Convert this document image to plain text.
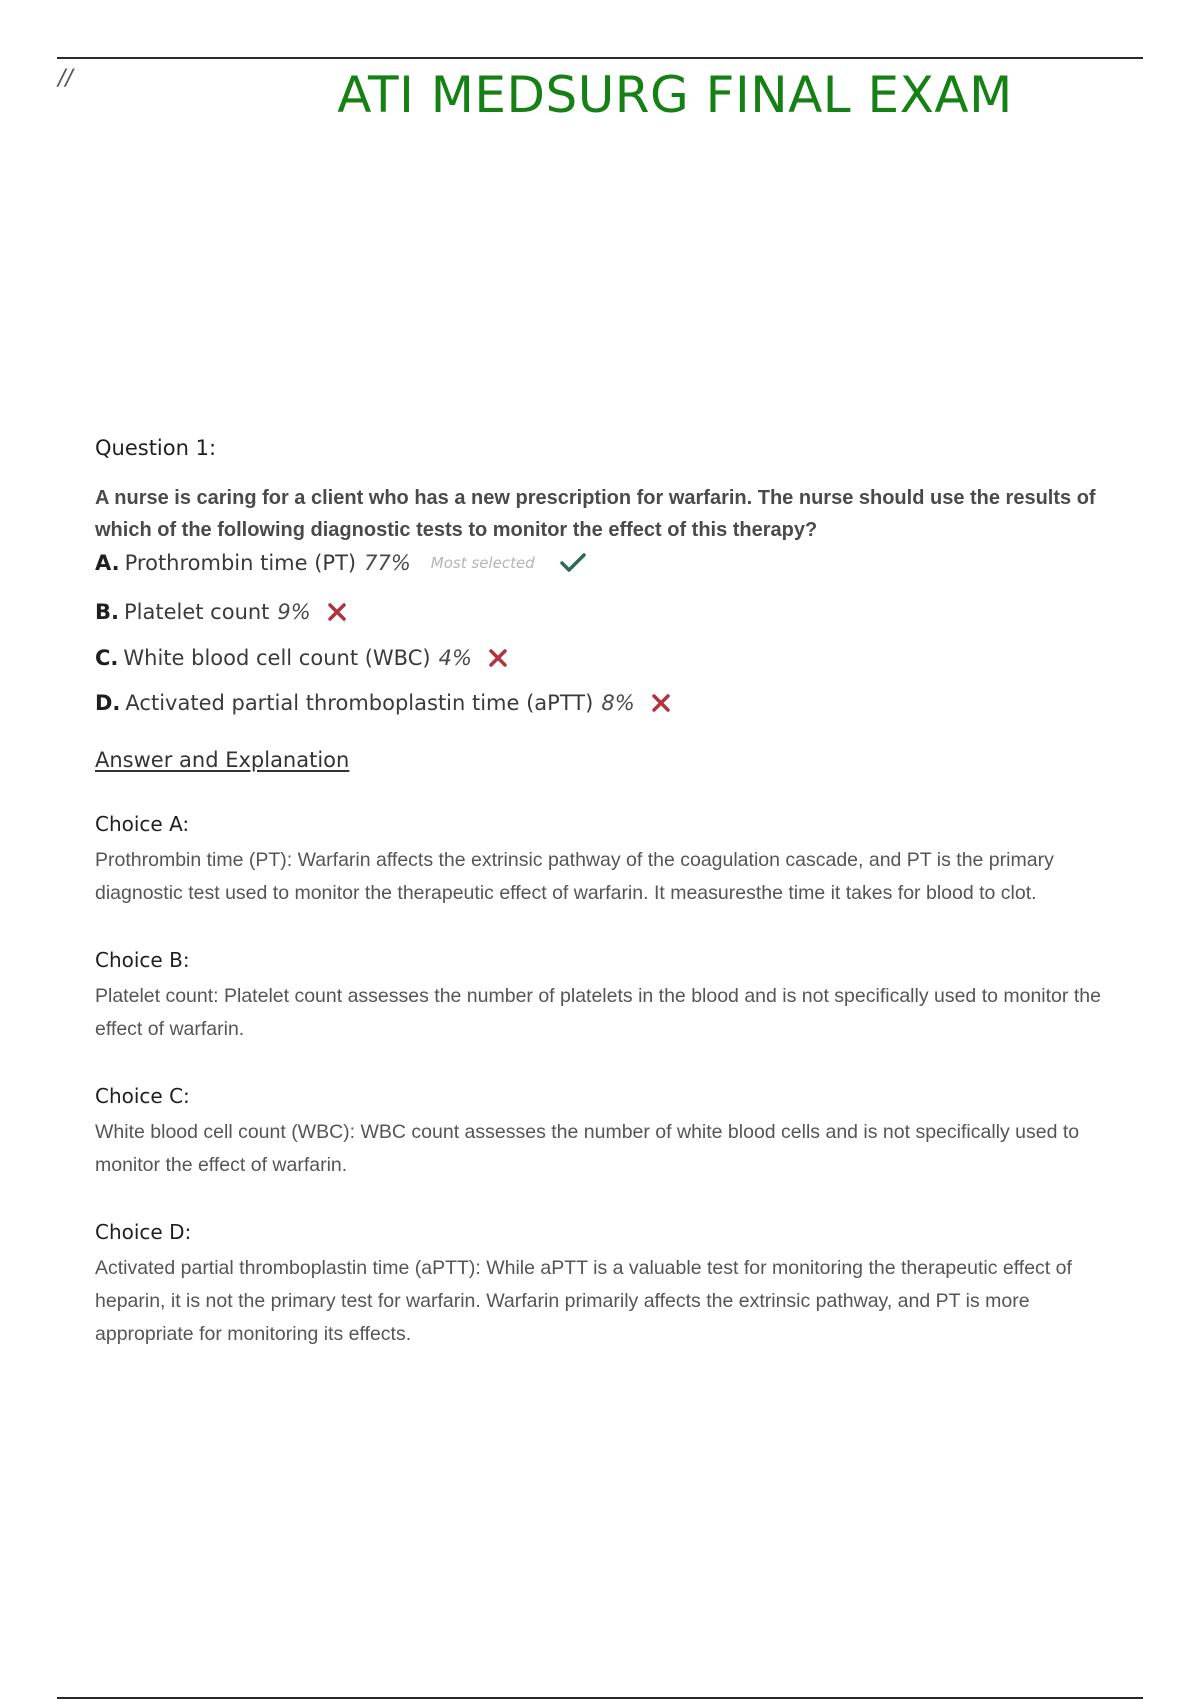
//	ATI MEDSURG FINAL EXAM

Question 1:

A nurse is caring for a client who has a new prescription for warfarin. The nurse should use the results of which of the following diagnostic tests to monitor the effect of this therapy?

A. Prothrombin time (PT) 77% Most selected
B. Platelet count 9%
C. White blood cell count (WBC) 4%
D. Activated partial thromboplastin time (aPTT) 8%
Answer and Explanation

Choice A:

Prothrombin time (PT): Warfarin affects the extrinsic pathway of the coagulation cascade, and PT is the primary diagnostic test used to monitor the therapeutic effect of warfarin. It measuresthe time it takes for blood to clot.

Choice B:

Platelet count: Platelet count assesses the number of platelets in the blood and is not specifically used to monitor the effect of warfarin.

Choice C:

White blood cell count (WBC): WBC count assesses the number of white blood cells and is not specifically used to monitor the effect of warfarin.

Choice D:

Activated partial thromboplastin time (aPTT): While aPTT is a valuable test for monitoring the therapeutic effect of heparin, it is not the primary test for warfarin. Warfarin primarily affects the extrinsic pathway, and PT is more appropriate for monitoring its effects.
